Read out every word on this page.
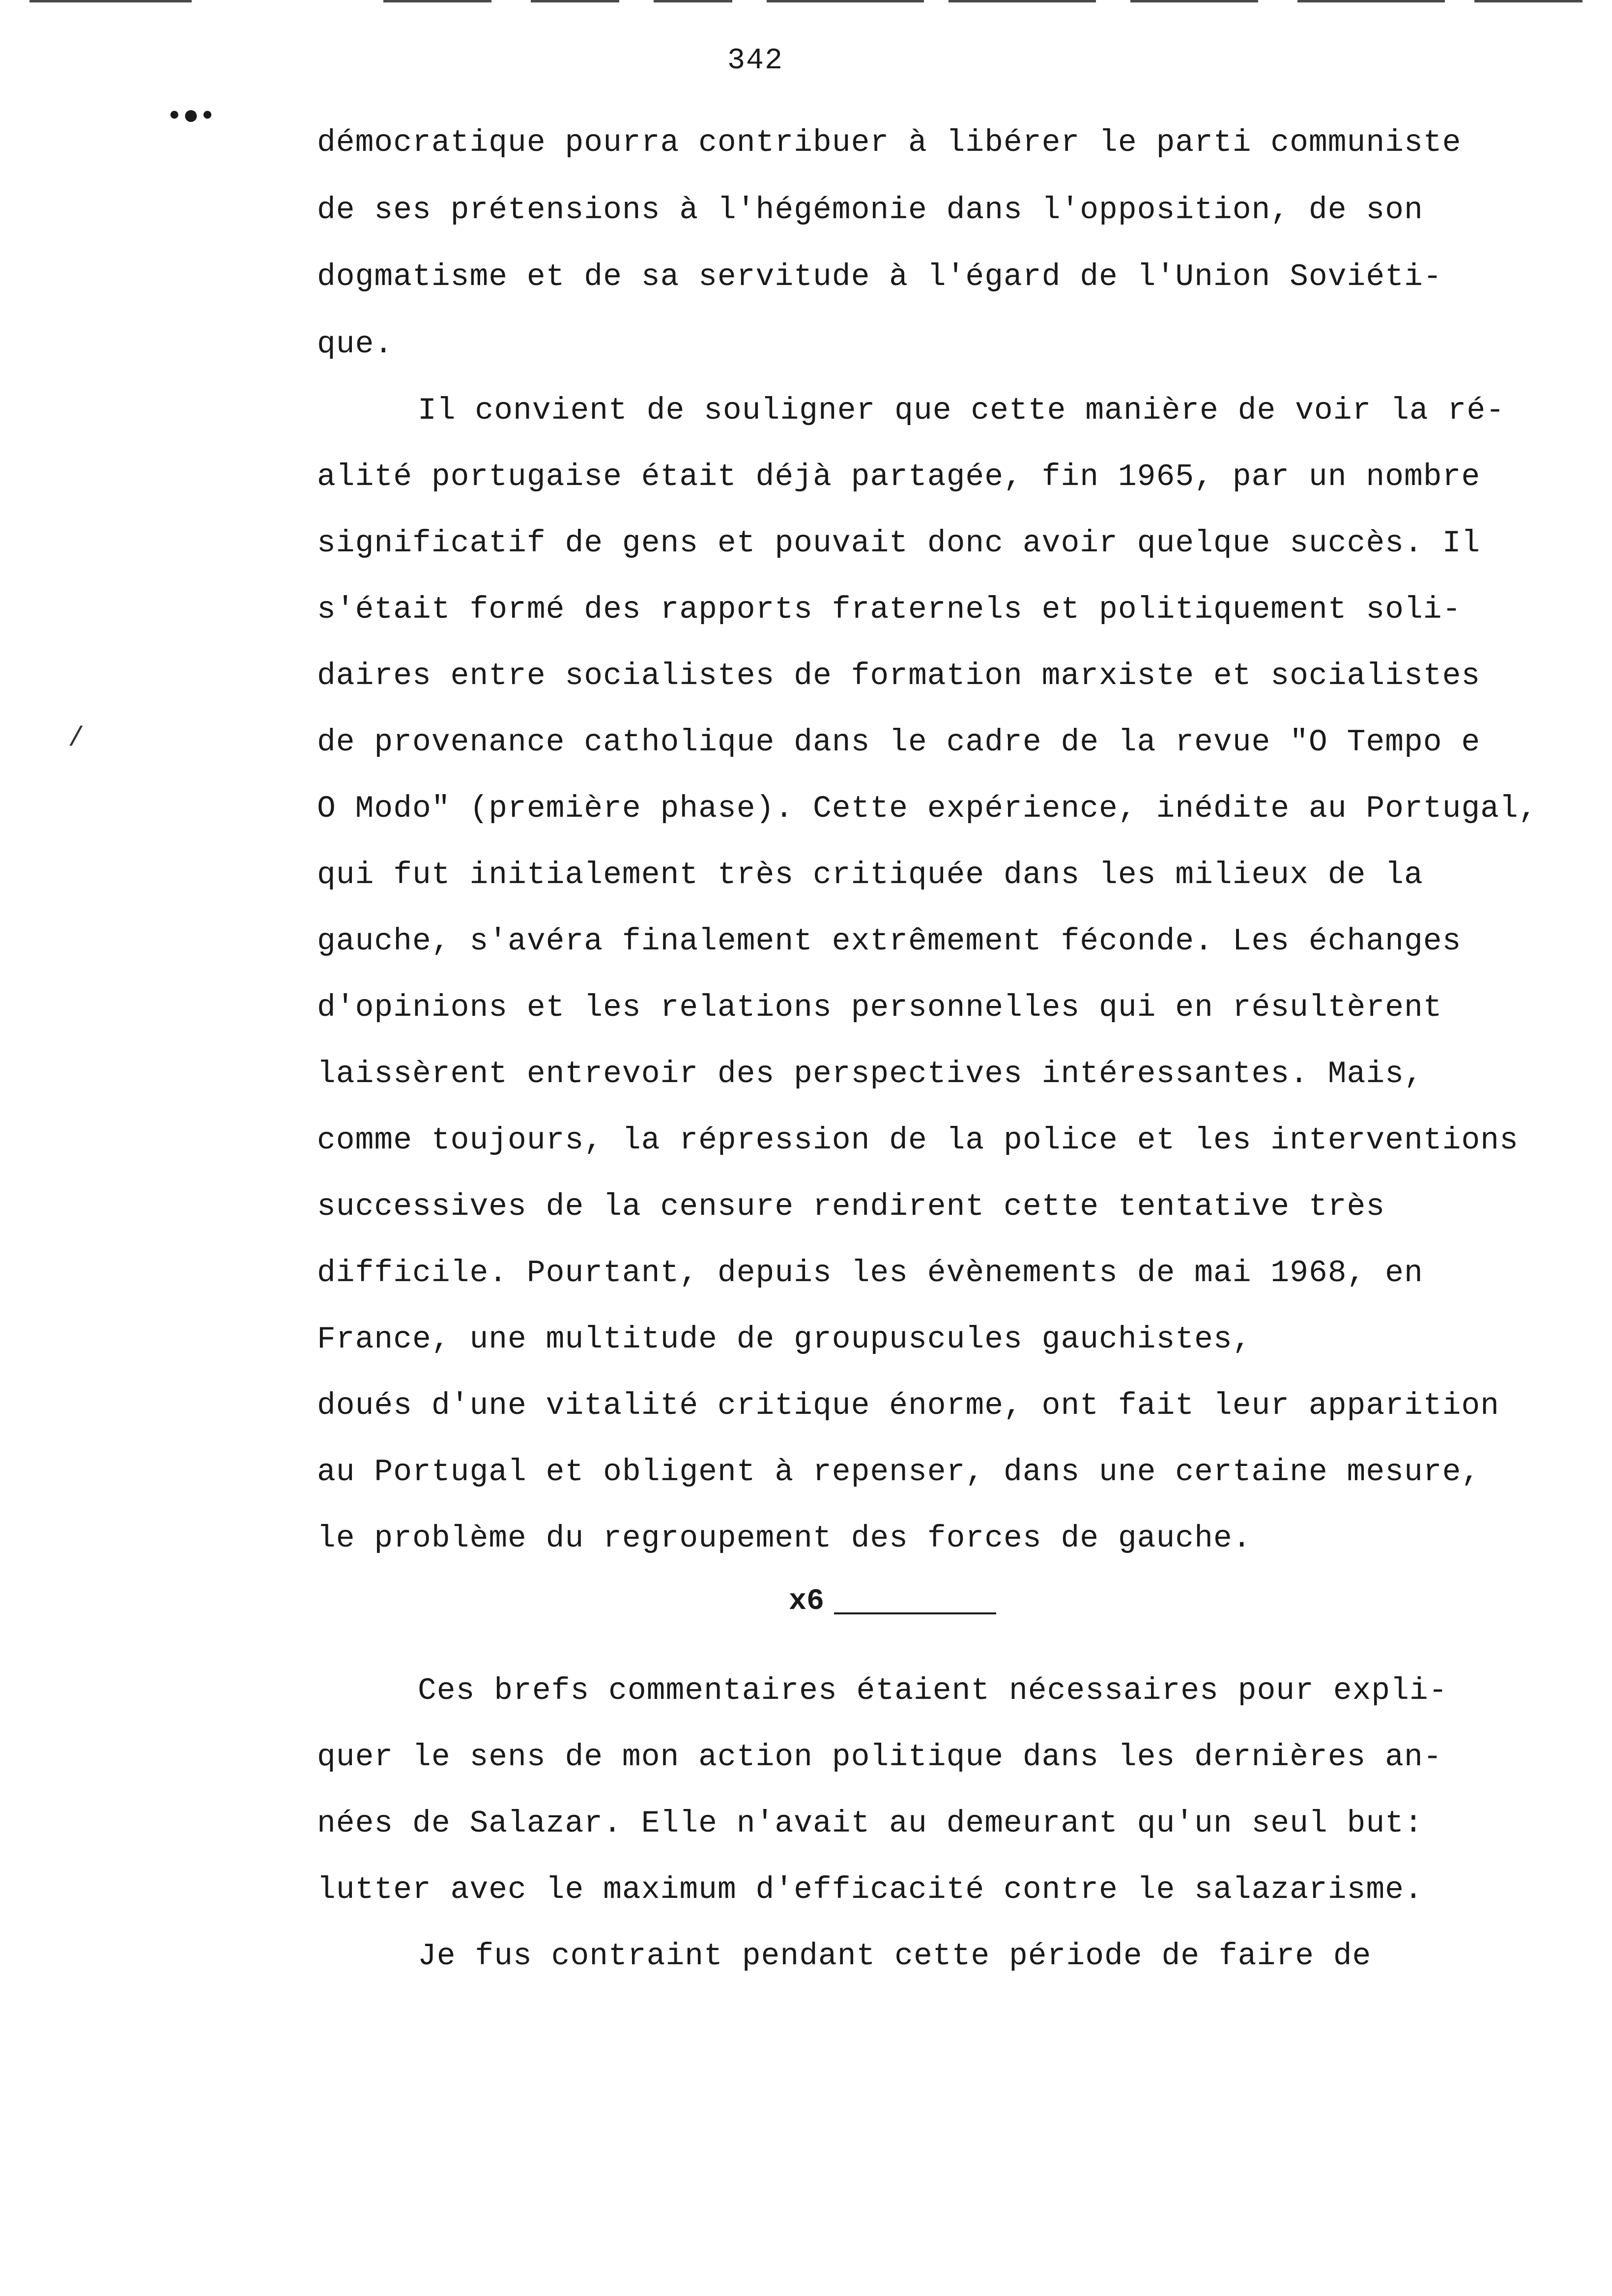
342
•●•
/
démocratique pourra contribuer à libérer le parti communiste
de ses prétensions à l'hégémonie dans l'opposition, de son
dogmatisme et de sa servitude à l'égard de l'Union Soviéti-
que.
Il convient de souligner que cette manière de voir la ré-
alité portugaise était déjà partagée, fin 1965, par un nombre
significatif de gens et pouvait donc avoir quelque succès. Il
s'était formé des rapports fraternels et politiquement soli-
daires entre socialistes de formation marxiste et socialistes
de provenance catholique dans le cadre de la revue "O Tempo e
O Modo" (première phase). Cette expérience, inédite au Portugal,
qui fut initialement très critiquée dans les milieux de la
gauche, s'avéra finalement extrêmement féconde. Les échanges
d'opinions et les relations personnelles qui en résultèrent
laissèrent entrevoir des perspectives intéressantes. Mais,
comme toujours, la répression de la police et les interventions
successives de la censure rendirent cette tentative très
difficile. Pourtant, depuis les évènements de mai 1968, en
France, une multitude de groupuscules gauchistes,
doués d'une vitalité critique énorme, ont fait leur apparition
au Portugal et obligent à repenser, dans une certaine mesure,
le problème du regroupement des forces de gauche.
x6
Ces brefs commentaires étaient nécessaires pour expli-
quer le sens de mon action politique dans les dernières an-
nées de Salazar. Elle n'avait au demeurant qu'un seul but:
lutter avec le maximum d'efficacité contre le salazarisme.
Je fus contraint pendant cette période de faire de
